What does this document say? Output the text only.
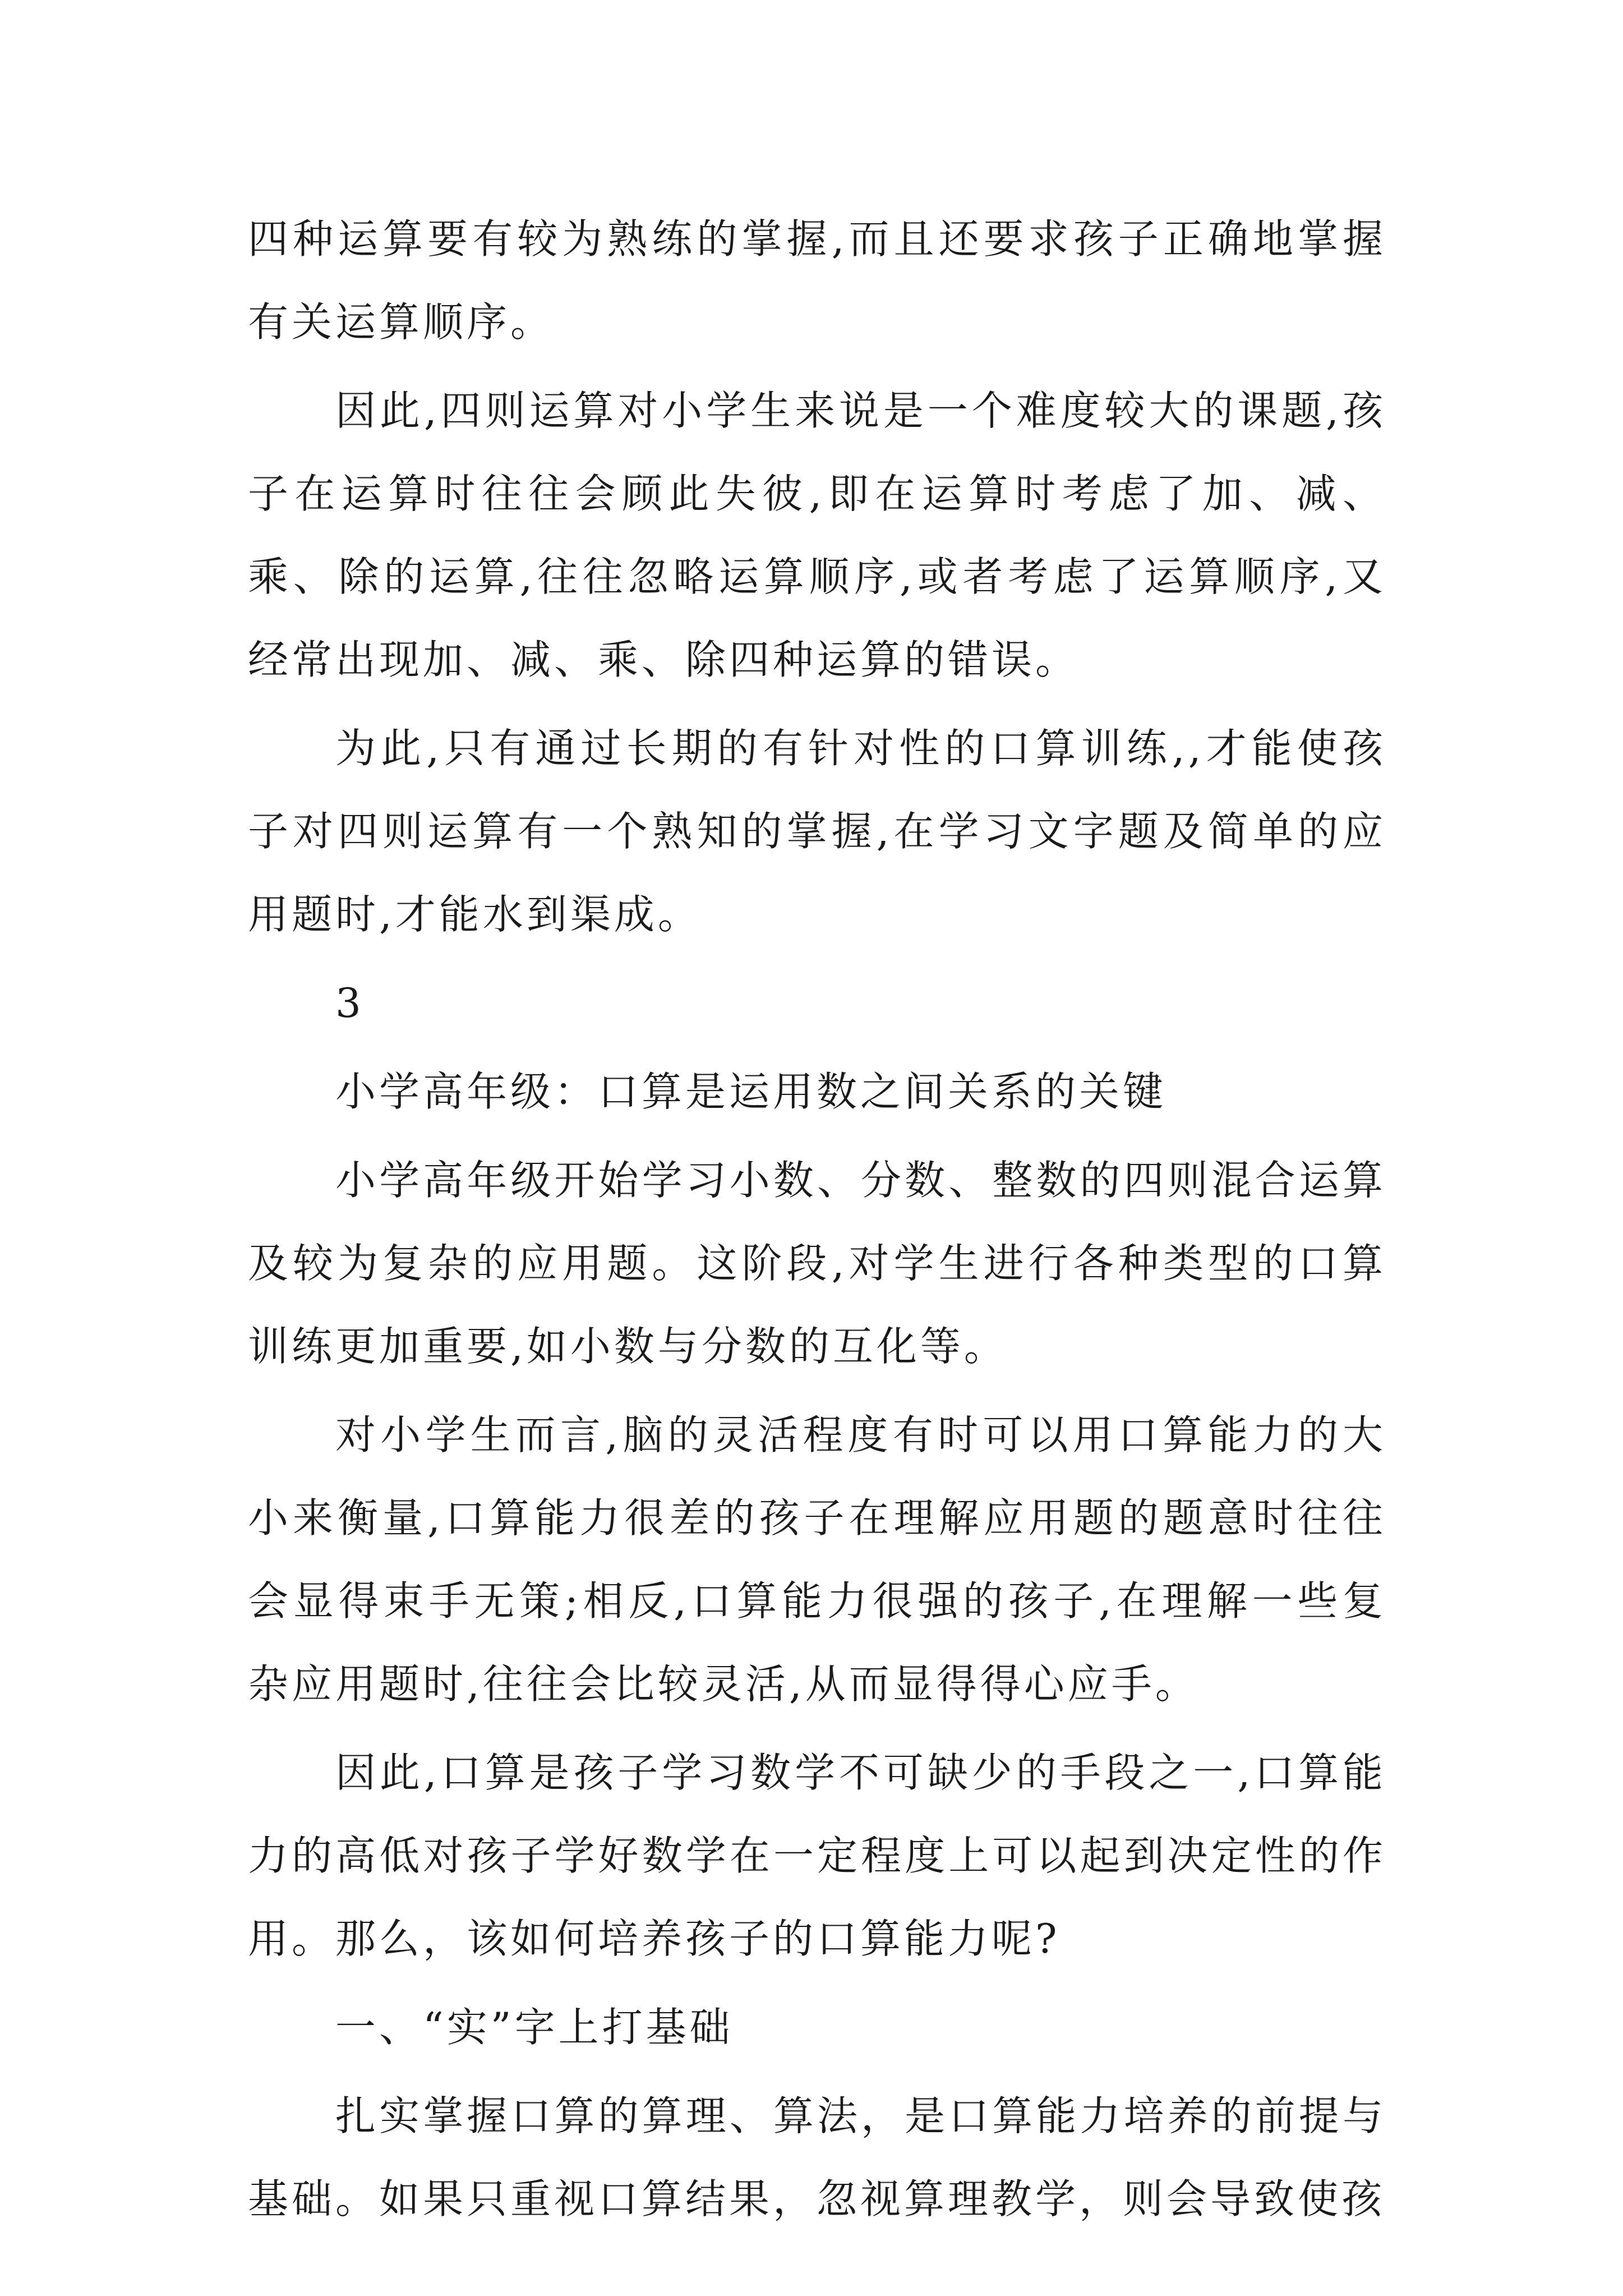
四种运算要有较为熟练的掌握,而且还要求孩子正确地掌握有关运算顺序。

因此,四则运算对小学生来说是一个难度较大的课题,孩子在运算时往往会顾此失彼,即在运算时考虑了加、减、乘、除的运算,往往忽略运算顺序,或者考虑了运算顺序,又经常出现加、减、乘、除四种运算的错误。

为此,只有通过长期的有针对性的口算训练,,才能使孩子对四则运算有一个熟知的掌握,在学习文字题及简单的应用题时,才能水到渠成。

3

小学高年级：口算是运用数之间关系的关键

小学高年级开始学习小数、分数、整数的四则混合运算及较为复杂的应用题。这阶段,对学生进行各种类型的口算训练更加重要,如小数与分数的互化等。

对小学生而言,脑的灵活程度有时可以用口算能力的大小来衡量,口算能力很差的孩子在理解应用题的题意时往往会显得束手无策;相反,口算能力很强的孩子,在理解一些复杂应用题时,往往会比较灵活,从而显得得心应手。

因此,口算是孩子学习数学不可缺少的手段之一,口算能力的高低对孩子学好数学在一定程度上可以起到决定性的作用。那么，该如何培养孩子的口算能力呢?

一、“实”字上打基础

扎实掌握口算的算理、算法，是口算能力培养的前提与基础。如果只重视口算结果，忽视算理教学，则会导致使孩
